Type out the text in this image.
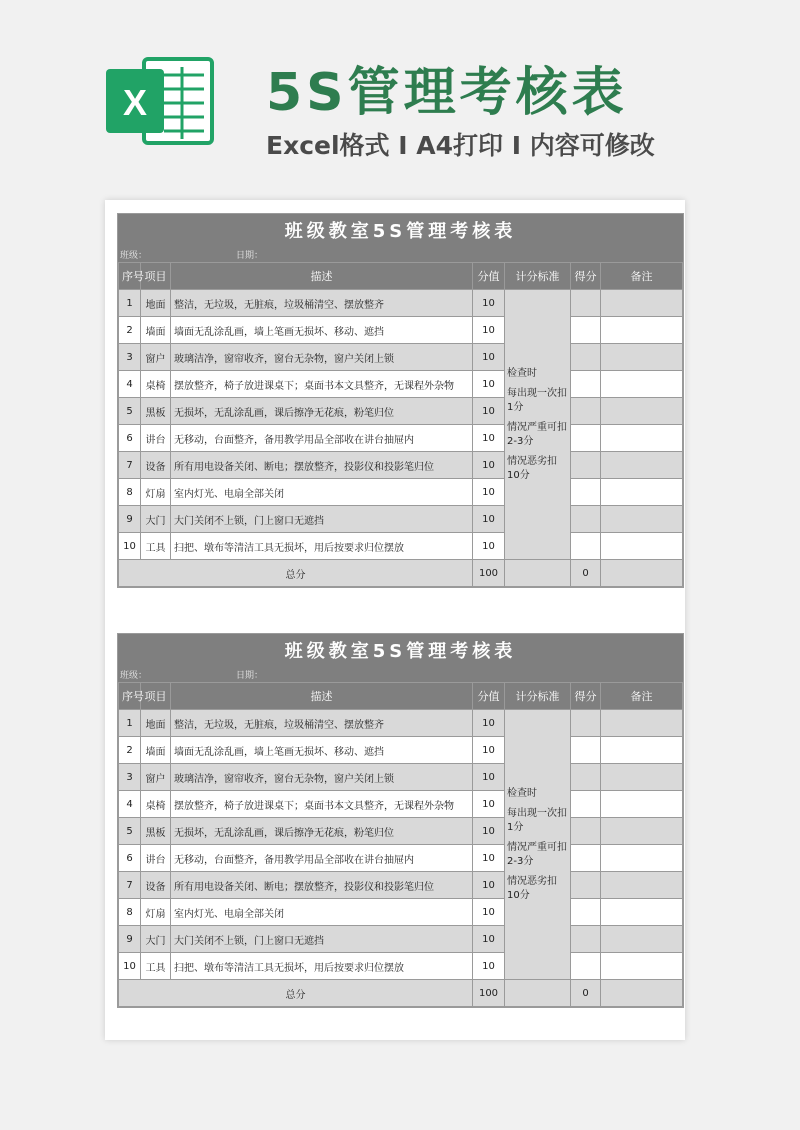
X 5S管理考核表
Excel格式 I A4打印 I 内容可修改
班级教室5S管理考核表
班级：	日期：
序号	项目	描述	分值	计分标准	得分	备注
1	地面	整洁，无垃圾，无脏痕，垃圾桶清空、摆放整齐	10	检查时
每出现一次扣1分
情况严重可扣2-3分
情况恶劣扣10分		

2	墙面	墙面无乱涂乱画，墙上笔画无损坏、移动、遮挡	10			
3	窗户	玻璃洁净，窗帘收齐，窗台无杂物，窗户关闭上锁	10			
4	桌椅	摆放整齐，椅子放进课桌下；桌面书本文具整齐，无课程外杂物	10			
5	黑板	无损坏，无乱涂乱画，课后擦净无花痕，粉笔归位	10			
6	讲台	无移动，台面整齐，备用教学用品全部收在讲台抽屉内	10			
7	设备	所有用电设备关闭、断电；摆放整齐，投影仪和投影笔归位	10			
8	灯扇	室内灯光、电扇全部关闭	10			
9	大门	大门关闭不上锁，门上窗口无遮挡	10			
10	工具	扫把、墩布等清洁工具无损坏，用后按要求归位摆放	10			
总分			100		0	
班级教室5S管理考核表
班级：	日期：
序号	项目	描述	分值	计分标准	得分	备注
1	地面	整洁，无垃圾，无脏痕，垃圾桶清空、摆放整齐	10	检查时
每出现一次扣1分
情况严重可扣2-3分
情况恶劣扣10分		

2	墙面	墙面无乱涂乱画，墙上笔画无损坏、移动、遮挡	10			
3	窗户	玻璃洁净，窗帘收齐，窗台无杂物，窗户关闭上锁	10			
4	桌椅	摆放整齐，椅子放进课桌下；桌面书本文具整齐，无课程外杂物	10			
5	黑板	无损坏，无乱涂乱画，课后擦净无花痕，粉笔归位	10			
6	讲台	无移动，台面整齐，备用教学用品全部收在讲台抽屉内	10			
7	设备	所有用电设备关闭、断电；摆放整齐，投影仪和投影笔归位	10			
8	灯扇	室内灯光、电扇全部关闭	10			
9	大门	大门关闭不上锁，门上窗口无遮挡	10			
10	工具	扫把、墩布等清洁工具无损坏，用后按要求归位摆放	10			
总分			100		0	
